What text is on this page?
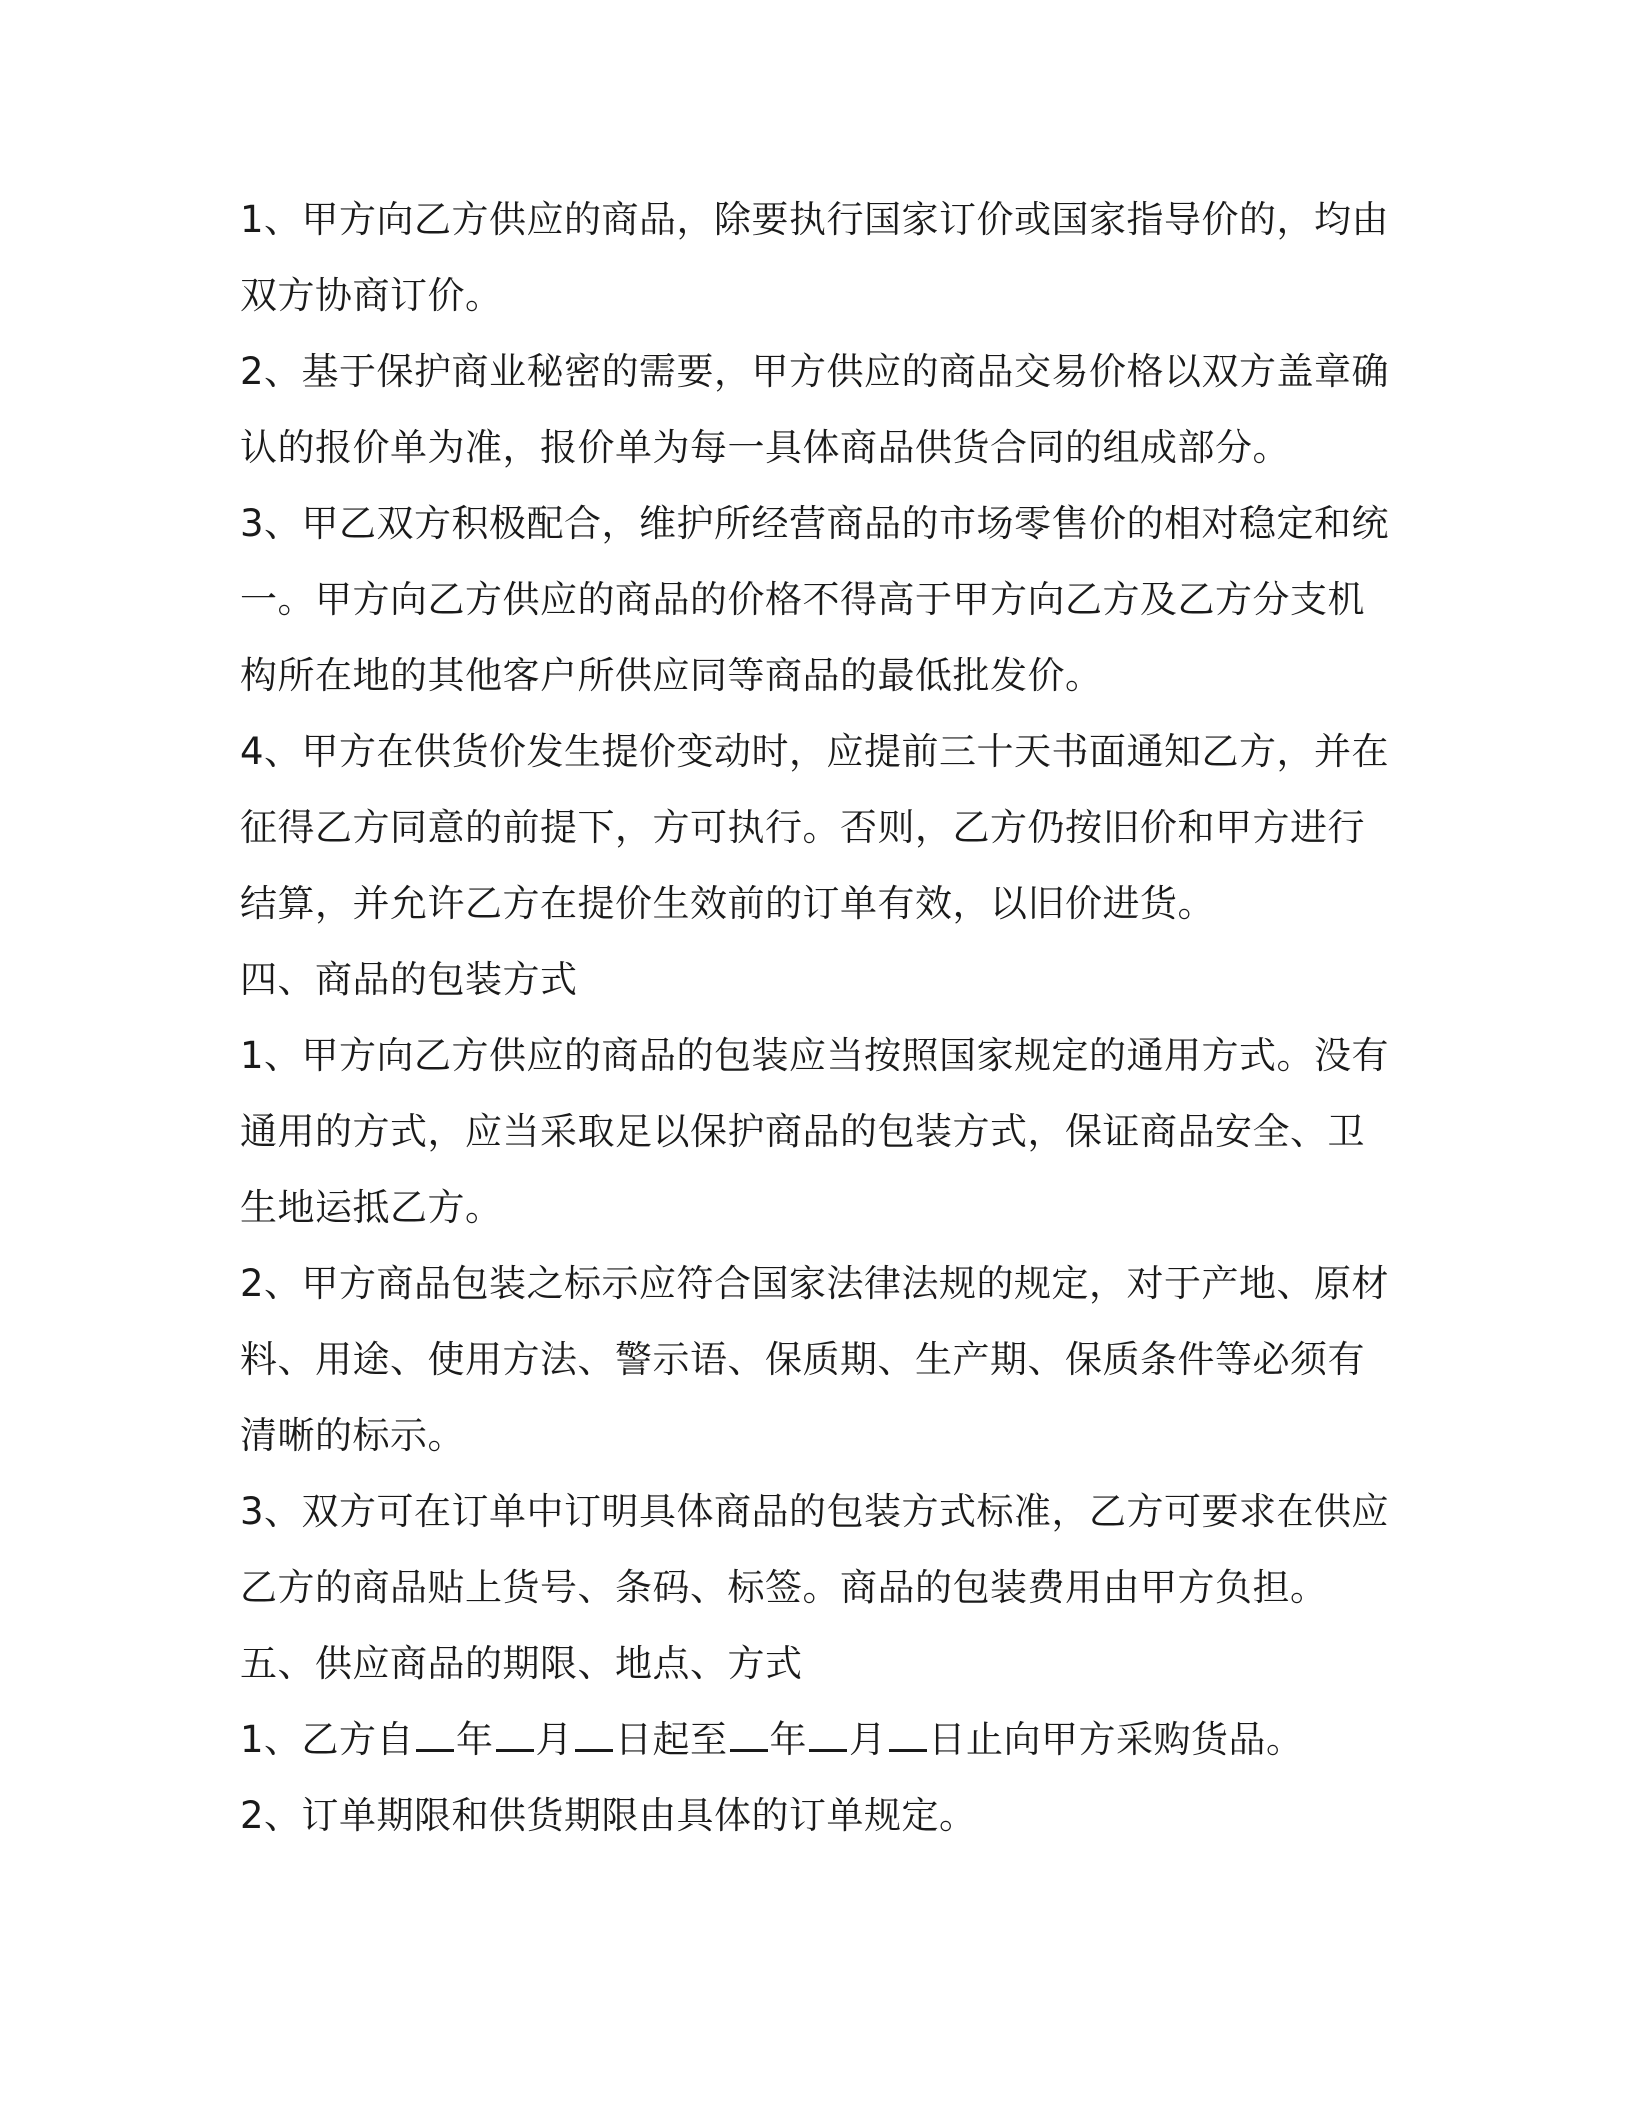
1、甲方向乙方供应的商品，除要执行国家订价或国家指导价的，均由
双方协商订价。
2、基于保护商业秘密的需要，甲方供应的商品交易价格以双方盖章确
认的报价单为准，报价单为每一具体商品供货合同的组成部分。
3、甲乙双方积极配合，维护所经营商品的市场零售价的相对稳定和统
一。甲方向乙方供应的商品的价格不得高于甲方向乙方及乙方分支机
构所在地的其他客户所供应同等商品的最低批发价。
4、甲方在供货价发生提价变动时，应提前三十天书面通知乙方，并在
征得乙方同意的前提下，方可执行。否则，乙方仍按旧价和甲方进行
结算，并允许乙方在提价生效前的订单有效，以旧价进货。
四、商品的包装方式
1、甲方向乙方供应的商品的包装应当按照国家规定的通用方式。没有
通用的方式，应当采取足以保护商品的包装方式，保证商品安全、卫
生地运抵乙方。
2、甲方商品包装之标示应符合国家法律法规的规定，对于产地、原材
料、用途、使用方法、警示语、保质期、生产期、保质条件等必须有
清晰的标示。
3、双方可在订单中订明具体商品的包装方式标准，乙方可要求在供应
乙方的商品贴上货号、条码、标签。商品的包装费用由甲方负担。
五、供应商品的期限、地点、方式
1、乙方自 年 月 日起至 年 月 日止向甲方采购货品。
2、订单期限和供货期限由具体的订单规定。
